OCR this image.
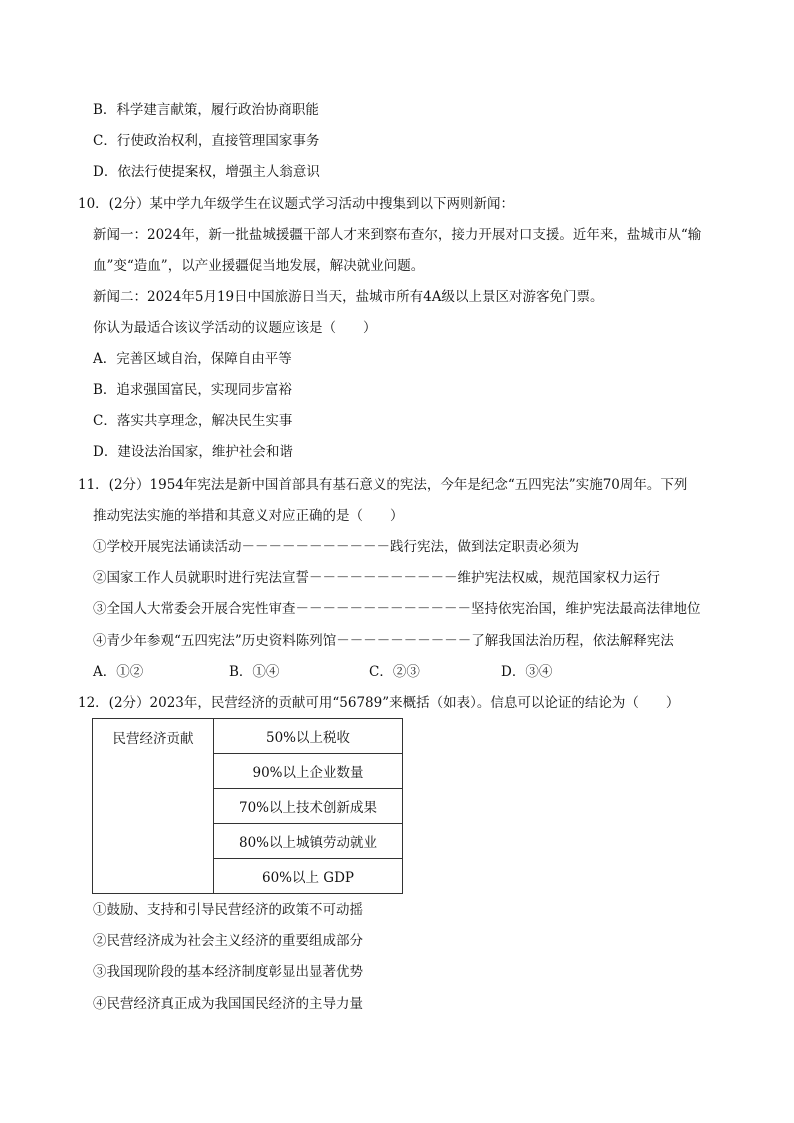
B．科学建言献策，履行政治协商职能
C．行使政治权利，直接管理国家事务
D．依法行使提案权，增强主人翁意识
10．(2分）某中学九年级学生在议题式学习活动中搜集到以下两则新闻：
新闻一：2024年，新一批盐城援疆干部人才来到察布查尔，接力开展对口支援。近年来，盐城市从“输
血”变“造血”，以产业援疆促当地发展，解决就业问题。
新闻二：2024年5月19日中国旅游日当天，盐城市所有4A级以上景区对游客免门票。
你认为最适合该议学活动的议题应该是（　　）
A．完善区域自治，保障自由平等
B．追求强国富民，实现同步富裕
C．落实共享理念，解决民生实事
D．建设法治国家，维护社会和谐
11．(2分）1954年宪法是新中国首部具有基石意义的宪法，今年是纪念“五四宪法”实施70周年。下列
推动宪法实施的举措和其意义对应正确的是（　　）
①学校开展宪法诵读活动－－－－－－－－－－－践行宪法，做到法定职责必须为
②国家工作人员就职时进行宪法宣誓－－－－－－－－－－－维护宪法权威，规范国家权力运行
③全国人大常委会开展合宪性审查－－－－－－－－－－－－－坚持依宪治国，维护宪法最高法律地位
④青少年参观“五四宪法”历史资料陈列馆－－－－－－－－－－了解我国法治历程，依法解释宪法
A．①②	B．①④	C．②③	D．③④
12．(2分）2023年，民营经济的贡献可用“56789”来概括（如表）。信息可以论证的结论为（　　）
民营经济贡献	50%以上税收
90%以上企业数量
70%以上技术创新成果
80%以上城镇劳动就业
60%以上 GDP
①鼓励、支持和引导民营经济的政策不可动摇
②民营经济成为社会主义经济的重要组成部分
③我国现阶段的基本经济制度彰显出显著优势
④民营经济真正成为我国国民经济的主导力量
